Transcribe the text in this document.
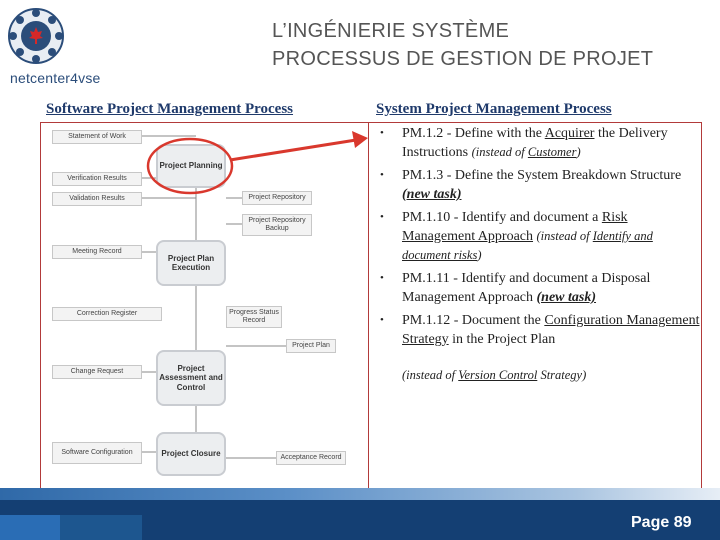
netcenter4vse
L’INGÉNIERIE SYSTÈME
PROCESSUS DE GESTION DE PROJET
Software Project Management Process	System Project Management Process
Statement of Work
Verification Results
Validation Results
Meeting Record
Correction Register
Change Request
Software Configuration
Project Repository
Project Repository Backup
Progress Status Record
Project Plan
Acceptance Record
Project Planning
Project Plan Execution
Project Assessment and Control
Project Closure
• PM.1.2 - Define with the Acquirer the Delivery Instructions (instead of Customer)
• PM.1.3 - Define the System Breakdown Structure (new task)
• PM.1.10 - Identify and document a Risk Management Approach (instead of Identify and document risks)
• PM.1.11 - Identify and document a Disposal Management Approach (new task)
• PM.1.12 - Document the Configuration Management Strategy in the Project Plan
(instead of Version Control Strategy)
Page 89
